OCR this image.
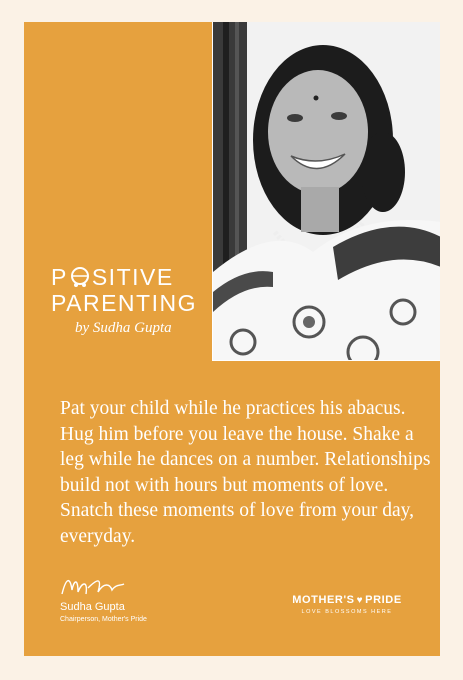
P SITIVE
PARENTING
by Sudha Gupta
Pat your child while he practices his abacus. Hug him before you leave the house. Shake a leg while he dances on a number. Relationships build not with hours but moments of love. Snatch these moments of love from your day, everyday.
Sudha Gupta
Chairperson, Mother's Pride
MOTHER'S ♥ PRIDE
LOVE BLOSSOMS HERE
